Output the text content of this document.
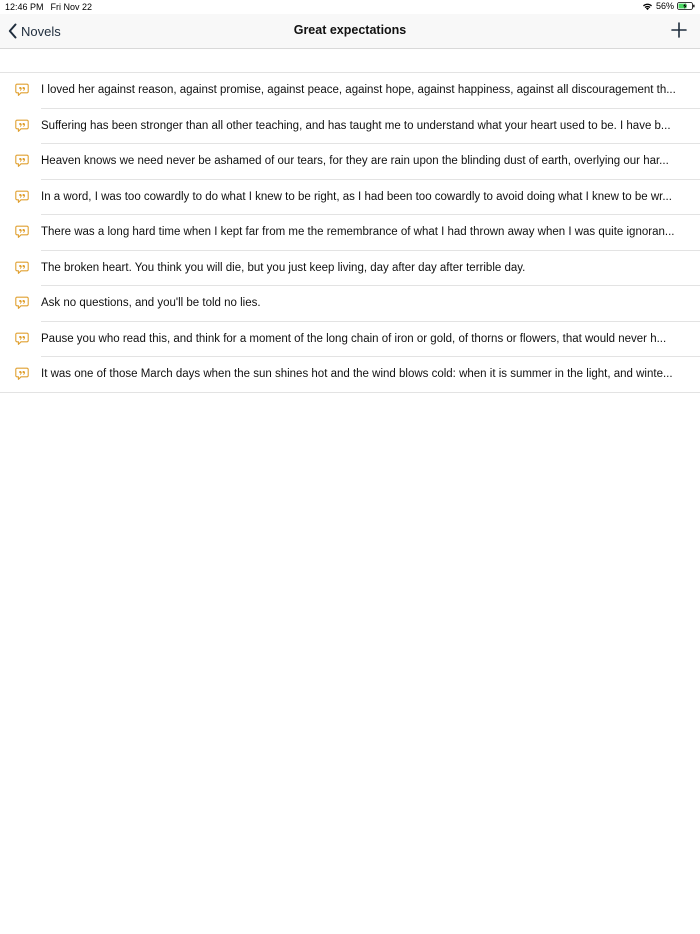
12:46 PM Fri Nov 22	56%
Novels	Great expectations
I loved her against reason, against promise, against peace, against hope, against happiness, against all discouragement th...
Suffering has been stronger than all other teaching, and has taught me to understand what your heart used to be. I have b...
Heaven knows we need never be ashamed of our tears, for they are rain upon the blinding dust of earth, overlying our har...
In a word, I was too cowardly to do what I knew to be right, as I had been too cowardly to avoid doing what I knew to be wr...
There was a long hard time when I kept far from me the remembrance of what I had thrown away when I was quite ignoran...
The broken heart. You think you will die, but you just keep living, day after day after terrible day.
Ask no questions, and you'll be told no lies.
Pause you who read this, and think for a moment of the long chain of iron or gold, of thorns or flowers, that would never h...
It was one of those March days when the sun shines hot and the wind blows cold: when it is summer in the light, and winte...
